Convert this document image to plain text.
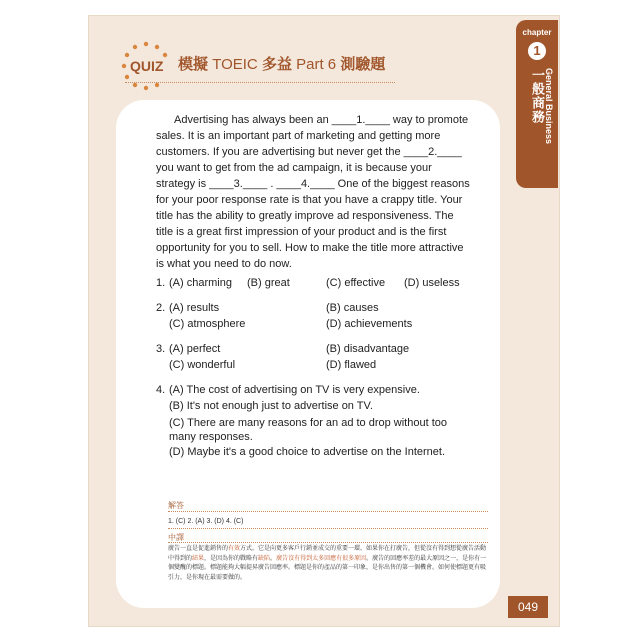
QUIZ 模擬 TOEIC 多益 Part 6 測驗題
chapter
1
一般商務 General Business

Advertising has always been an ____1.____ way to promote sales. It is an important part of marketing and getting more customers. If you are advertising but never get the ____2.____ you want to get from the ad campaign, it is because your strategy is ____3.____ . ____4.____ One of the biggest reasons for your poor response rate is that you have a crappy title. Your title has the ability to greatly improve ad responsiveness. The title is a great first impression of your product and is the first opportunity for you to sell. How to make the title more attractive is what you need to do now.

1. (A) charming (B) great	(C) effective (D) useless
2. (A) results	(B) causes
(C) atmosphere	(D) achievements
3. (A) perfect	(B) disadvantage
(C) wonderful	(D) flawed
4. (A) The cost of advertising on TV is very expensive.
(B) It's not enough just to advertise on TV.
(C) There are many reasons for an ad to drop without too many responses.
(D) Maybe it's a good choice to advertise on the Internet.
解答
1. (C) 2. (A) 3. (D) 4. (C)
中譯
廣告一直是促進銷售的有效方式。它是向更多客戶行銷並成交的重要一環。如果你在打廣告，但從沒有得到想從廣告活動中得到的結果，是因為你的戰略有缺陷。廣告沒有得到太多回應有很多原因。廣告的回應率差的最大原因之一，是你有一個變醜的標題。標題能夠大幅提昇廣告回應率。標題是你的產品的第一印象，是你出售的第一個機會。如何使標題更有吸引力，是你現在最需要做的。
049
